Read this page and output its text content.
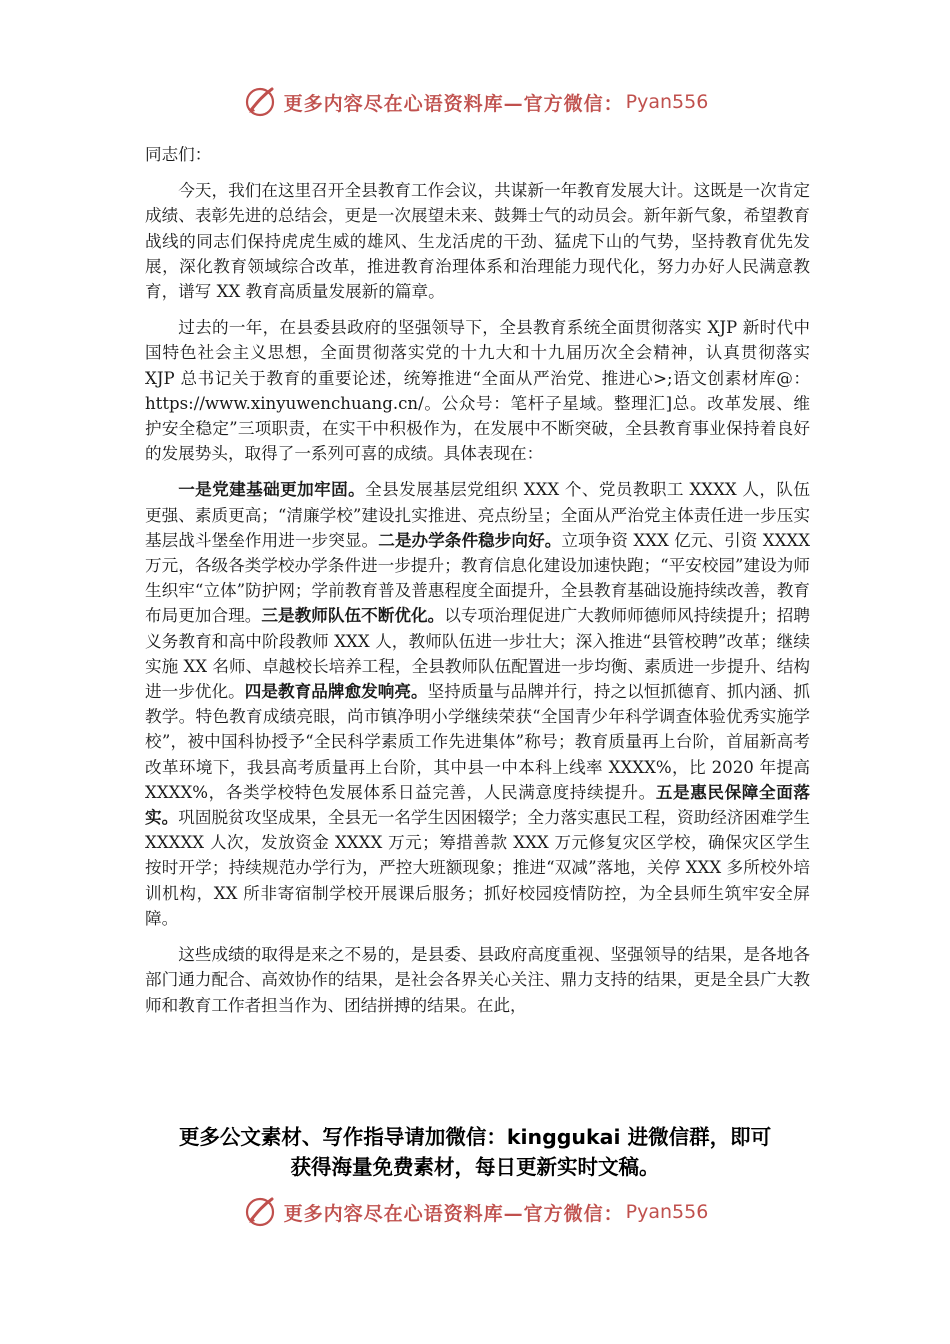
更多内容尽在心语资料库—官方微信： Pyan556

同志们：

今天，我们在这里召开全县教育工作会议，共谋新一年教育发展大计。这既是一次肯定成绩、表彰先进的总结会，更是一次展望未来、鼓舞士气的动员会。新年新气象，希望教育战线的同志们保持虎虎生威的雄风、生龙活虎的干劲、猛虎下山的气势，坚持教育优先发展，深化教育领域综合改革，推进教育治理体系和治理能力现代化，努力办好人民满意教育，谱写 XX 教育高质量发展新的篇章。

过去的一年，在县委县政府的坚强领导下，全县教育系统全面贯彻落实 XJP 新时代中国特色社会主义思想，全面贯彻落实党的十九大和十九届历次全会精神，认真贯彻落实 XJP 总书记关于教育的重要论述，统筹推进“全面从严治党、推进心>;语文创素材库@：https://www.xinyuwenchuang.cn/。公众号：笔杆子星域。整理汇]总。改革发展、维护安全稳定”三项职责，在实干中积极作为，在发展中不断突破，全县教育事业保持着良好的发展势头，取得了一系列可喜的成绩。具体表现在：

一是党建基础更加牢固。全县发展基层党组织 XXX 个、党员教职工 XXXX 人，队伍更强、素质更高；“清廉学校”建设扎实推进、亮点纷呈；全面从严治党主体责任进一步压实基层战斗堡垒作用进一步突显。二是办学条件稳步向好。立项争资 XXX 亿元、引资 XXXX 万元，各级各类学校办学条件进一步提升；教育信息化建设加速快跑；“平安校园”建设为师生织牢“立体”防护网；学前教育普及普惠程度全面提升，全县教育基础设施持续改善，教育布局更加合理。三是教师队伍不断优化。以专项治理促进广大教师师德师风持续提升；招聘义务教育和高中阶段教师 XXX 人，教师队伍进一步壮大；深入推进“县管校聘”改革；继续实施 XX 名师、卓越校长培养工程，全县教师队伍配置进一步均衡、素质进一步提升、结构进一步优化。四是教育品牌愈发响亮。坚持质量与品牌并行，持之以恒抓德育、抓内涵、抓教学。特色教育成绩亮眼，尚市镇净明小学继续荣获“全国青少年科学调查体验优秀实施学校”，被中国科协授予“全民科学素质工作先进集体”称号；教育质量再上台阶，首届新高考改革环境下，我县高考质量再上台阶，其中县一中本科上线率 XXXX%，比 2020 年提高 XXXX%，各类学校特色发展体系日益完善，人民满意度持续提升。五是惠民保障全面落实。巩固脱贫攻坚成果，全县无一名学生因困辍学；全力落实惠民工程，资助经济困难学生 XXXXX 人次，发放资金 XXXX 万元；筹措善款 XXX 万元修复灾区学校，确保灾区学生按时开学；持续规范办学行为，严控大班额现象；推进“双减”落地，关停 XXX 多所校外培训机构，XX 所非寄宿制学校开展课后服务；抓好校园疫情防控，为全县师生筑牢安全屏障。

这些成绩的取得是来之不易的，是县委、县政府高度重视、坚强领导的结果，是各地各部门通力配合、高效协作的结果，是社会各界关心关注、鼎力支持的结果，更是全县广大教师和教育工作者担当作为、团结拼搏的结果。在此，

更多公文素材、写作指导请加微信：kinggukai 进微信群，即可
获得海量免费素材，每日更新实时文稿。
更多内容尽在心语资料库—官方微信： Pyan556
